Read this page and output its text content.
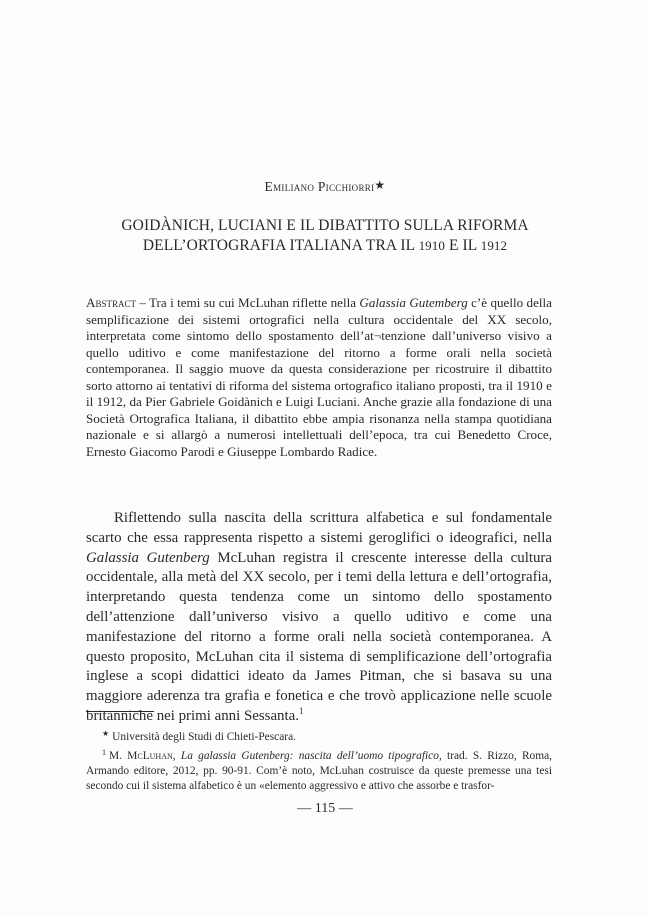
Emiliano Picchiorri★
GOIDÀNICH, LUCIANI E IL DIBATTITO SULLA RIFORMA
DELL’ORTOGRAFIA ITALIANA TRA IL 1910 E IL 1912
Abstract – Tra i temi su cui McLuhan riflette nella Galassia Gutemberg c’è quello della semplificazione dei sistemi ortografici nella cultura occidentale del XX secolo, interpretata come sintomo dello spostamento dell’at¬tenzione dall’universo visivo a quello uditivo e come manifestazione del ritorno a forme orali nella società contemporanea. Il saggio muove da questa considerazione per ricostruire il dibattito sorto attorno ai tentativi di riforma del sistema ortografico italiano proposti, tra il 1910 e il 1912, da Pier Gabriele Goidànich e Luigi Luciani. Anche grazie alla fondazione di una Società Ortografica Italiana, il dibattito ebbe ampia risonanza nella stampa quotidiana nazionale e si allargò a numerosi intellettuali dell’epoca, tra cui Benedetto Croce, Ernesto Giacomo Parodi e Giuseppe Lombardo Radice.
Riflettendo sulla nascita della scrittura alfabetica e sul fondamentale scarto che essa rappresenta rispetto a sistemi geroglifici o ideografici, nella Galassia Gutenberg McLuhan registra il crescente interesse della cultura occidentale, alla metà del XX secolo, per i temi della lettura e dell’ortografia, interpretando questa tendenza come un sintomo dello spostamento dell’attenzione dall’universo visivo a quello uditivo e come una manifestazione del ritorno a forme orali nella società contemporanea. A questo proposito, McLuhan cita il sistema di semplificazione dell’ortografia inglese a scopi didattici ideato da James Pitman, che si basava su una maggiore aderenza tra grafia e fonetica e che trovò applicazione nelle scuole britanniche nei primi anni Sessanta.$^1$
★ Università degli Studi di Chieti-Pescara.
$^1$ M. McLuhan, La galassia Gutenberg: nascita dell’uomo tipografico, trad. S. Rizzo, Roma, Armando editore, 2012, pp. 90-91. Com’è noto, McLuhan costruisce da queste premesse una tesi secondo cui il sistema alfabetico è un «elemento aggressivo e attivo che assorbe e trasfor-
— 115 —
